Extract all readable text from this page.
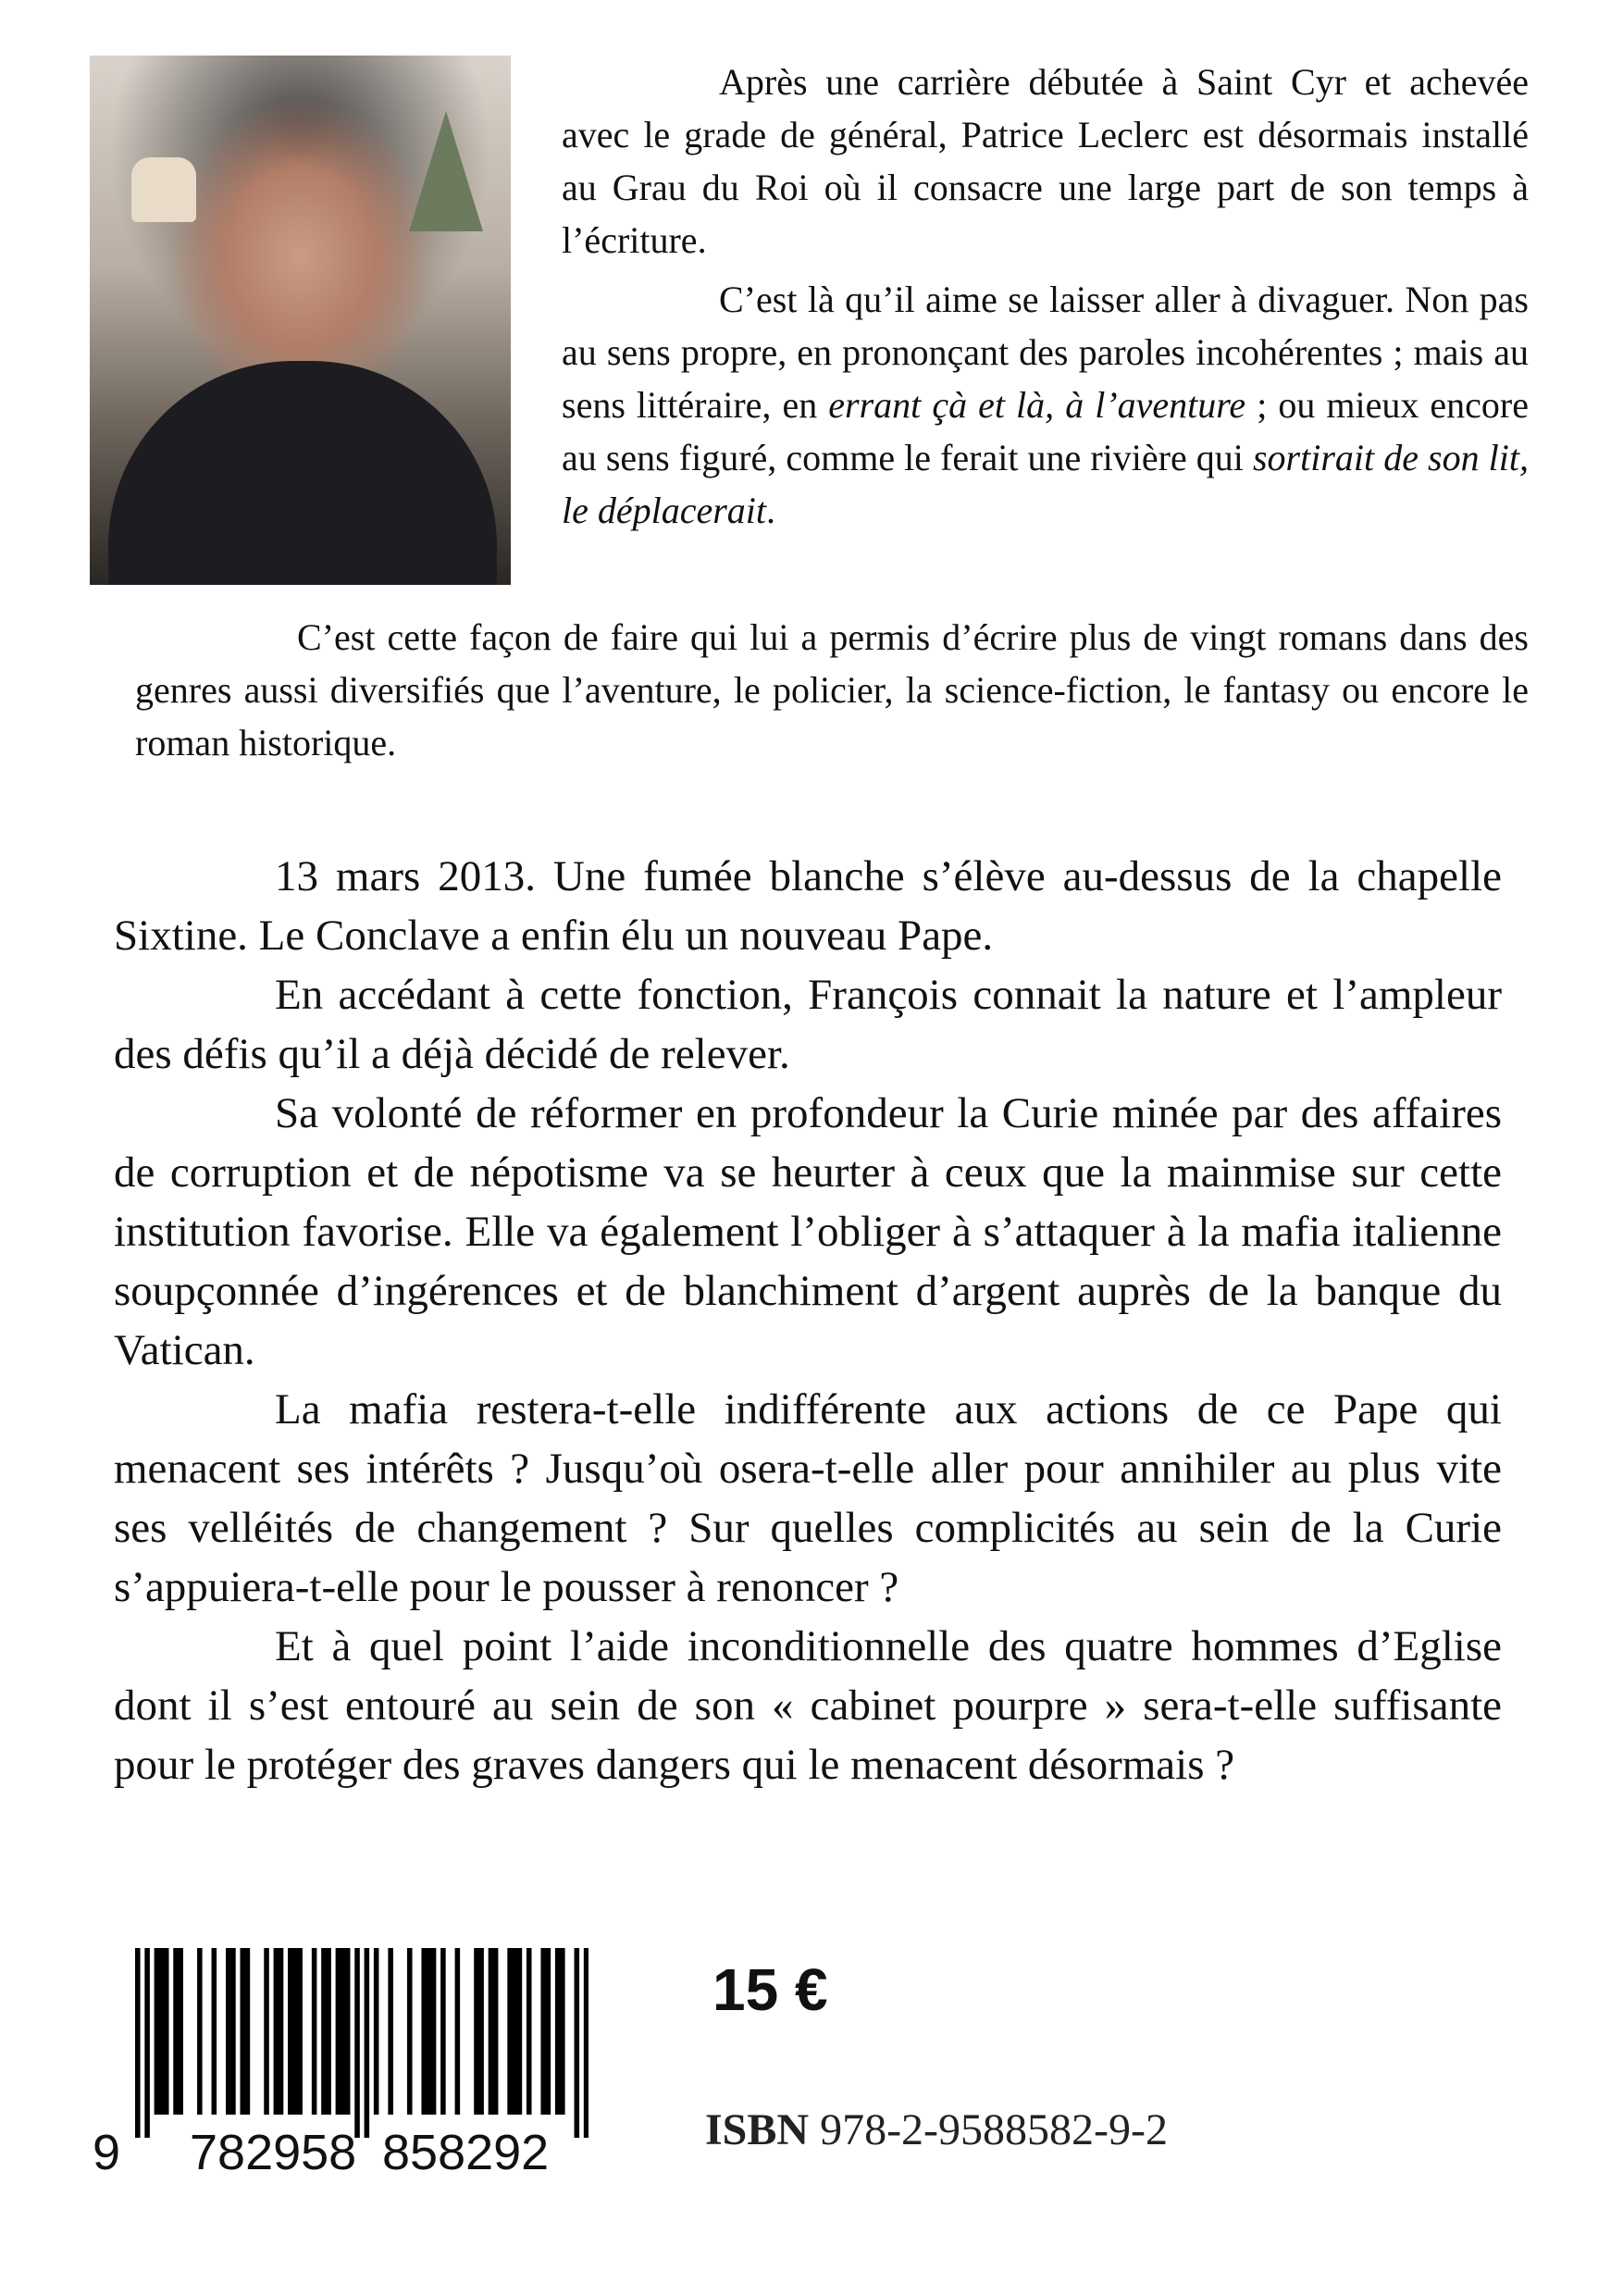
Après une carrière débutée à Saint Cyr et achevée avec le grade de général, Patrice Leclerc est désormais installé au Grau du Roi où il consacre une large part de son temps à l’écriture.

C’est là qu’il aime se laisser aller à divaguer. Non pas au sens propre, en prononçant des paroles incohérentes ; mais au sens littéraire, en errant çà et là, à l’aventure ; ou mieux encore au sens figuré, comme le ferait une rivière qui sortirait de son lit, le déplacerait.

C’est cette façon de faire qui lui a permis d’écrire plus de vingt romans dans des genres aussi diversifiés que l’aventure, le policier, la science-fiction, le fantasy ou encore le roman historique.

13 mars 2013. Une fumée blanche s’élève au-dessus de la chapelle Sixtine. Le Conclave a enfin élu un nouveau Pape.

En accédant à cette fonction, François connait la nature et l’ampleur des défis qu’il a déjà décidé de relever.

Sa volonté de réformer en profondeur la Curie minée par des affaires de corruption et de népotisme va se heurter à ceux que la mainmise sur cette institution favorise. Elle va également l’obliger à s’attaquer à la mafia italienne soupçonnée d’ingérences et de blanchiment d’argent auprès de la banque du Vatican.

La mafia restera-t-elle indifférente aux actions de ce Pape qui menacent ses intérêts ? Jusqu’où osera-t-elle aller pour annihiler au plus vite ses velléités de changement ? Sur quelles complicités au sein de la Curie s’appuiera-t-elle pour le pousser à renoncer ?

Et à quel point l’aide inconditionnelle des quatre hommes d’Eglise dont il s’est entouré au sein de son « cabinet pourpre » sera-t-elle suffisante pour le protéger des graves dangers qui le menacent désormais ?

9 782958 858292
15 €
ISBN 978-2-9588582-9-2
